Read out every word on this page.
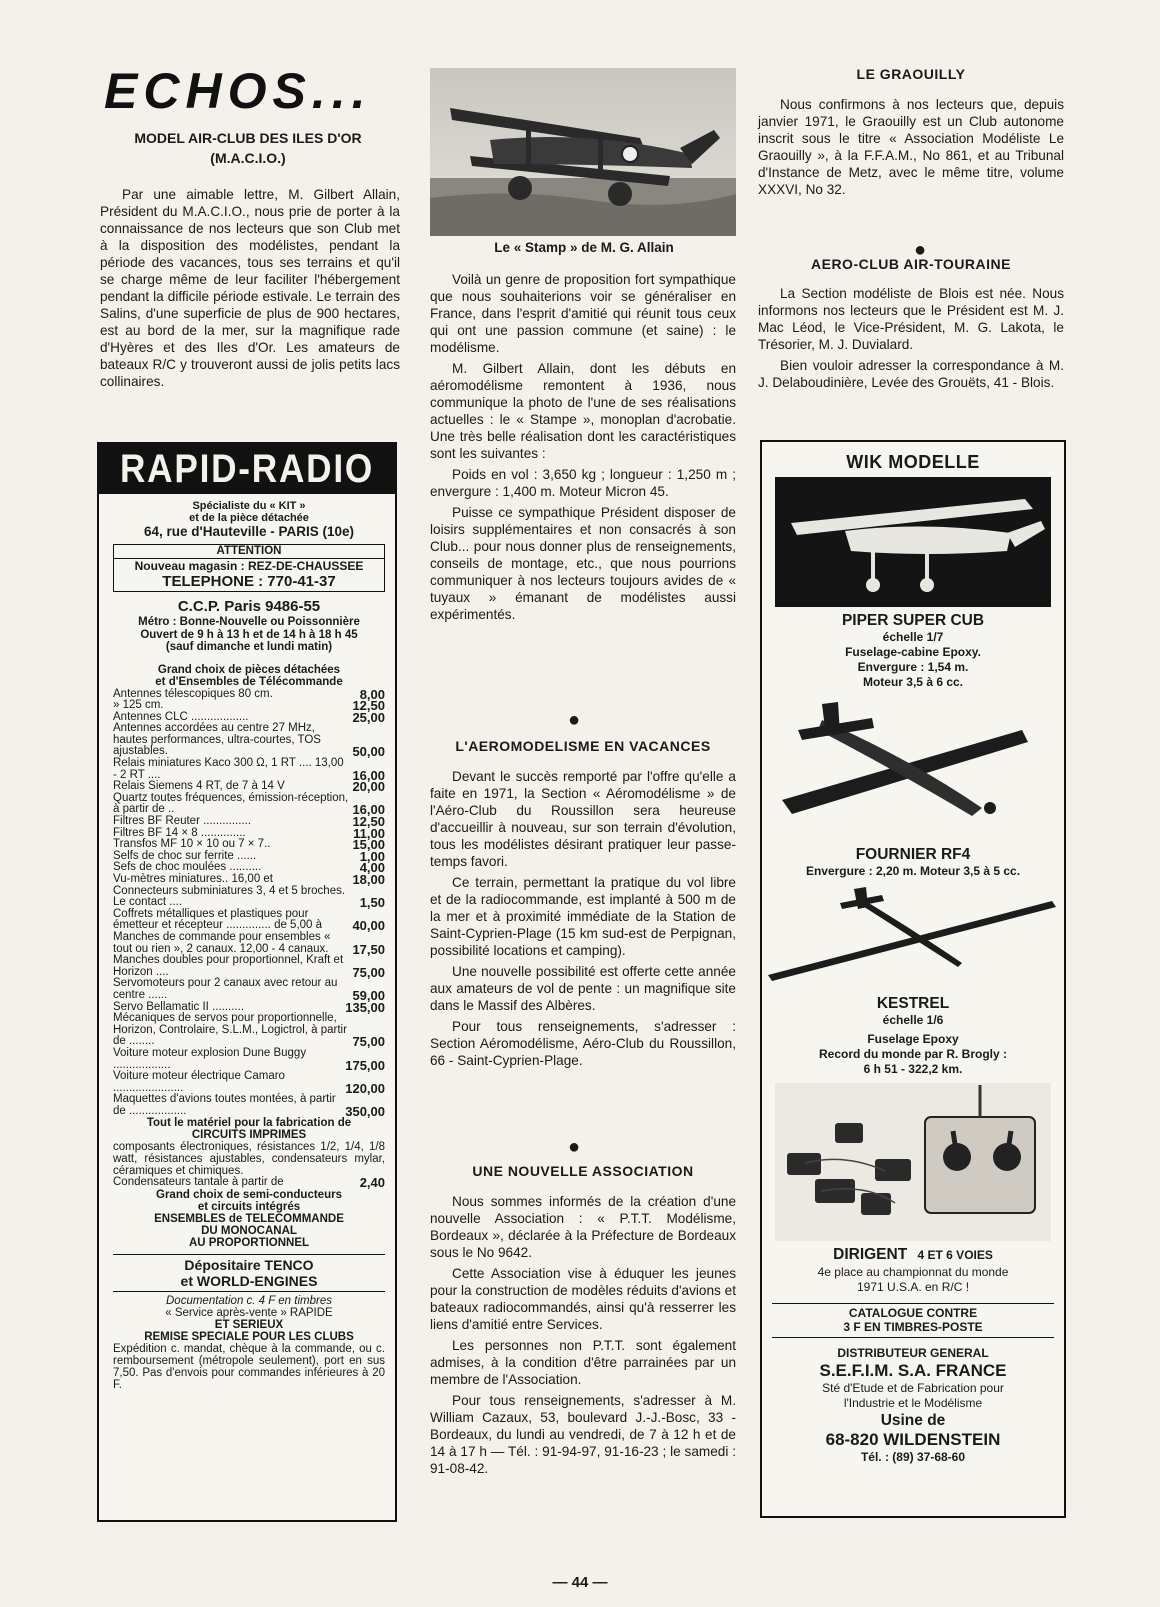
ECHOS...
MODEL AIR-CLUB DES ILES D'OR
(M.A.C.I.O.)

Par une aimable lettre, M. Gilbert Allain, Président du M.A.C.I.O., nous prie de porter à la connaissance de nos lecteurs que son Club met à la disposition des modélistes, pendant la période des vacances, tous ses terrains et qu'il se charge même de leur faciliter l'hébergement pendant la difficile période estivale. Le terrain des Salins, d'une superficie de plus de 900 hectares, est au bord de la mer, sur la magnifique rade d'Hyères et des Iles d'Or. Les amateurs de bateaux R/C y trouveront aussi de jolis petits lacs collinaires.

RAPID-RADIO
Spécialiste du « KIT »
et de la pièce détachée
64, rue d'Hauteville - PARIS (10e)
ATTENTION
Nouveau magasin : REZ-DE-CHAUSSEE
TELEPHONE : 770-41-37
C.C.P. Paris 9486-55
Métro : Bonne-Nouvelle ou Poissonnière
Ouvert de 9 h à 13 h et de 14 h à 18 h 45
(sauf dimanche et lundi matin)
Grand choix de pièces détachées
et d'Ensembles de Télécommande
Antennes télescopiques 80 cm.	8,00
» 125 cm.	12,50
Antennes CLC ..................	25,00
Antennes accordées au centre 27 MHz, hautes performances, ultra-courtes, TOS ajustables.	50,00
Relais miniatures Kaco 300 Ω, 1 RT .... 13,00 - 2 RT ....	16,00
Relais Siemens 4 RT, de 7 à 14 V	20,00
Quartz toutes fréquences, émission-réception, à partir de ..	16,00
Filtres BF Reuter ...............	12,50
Filtres BF 14 × 8 ..............	11,00
Transfos MF 10 × 10 ou 7 × 7..	15,00
Selfs de choc sur ferrite ......	1,00
Sefs de choc moulées ..........	4,00
Vu-mètres miniatures.. 16,00 et	18,00
Connecteurs subminiatures 3, 4 et 5 broches. Le contact ....	1,50
Coffrets métalliques et plastiques pour émetteur et récepteur .............. de 5,00 à	40,00
Manches de commande pour ensembles « tout ou rien », 2 canaux. 12,00 - 4 canaux.	17,50
Manches doubles pour proportionnel, Kraft et Horizon ....	75,00
Servomoteurs pour 2 canaux avec retour au centre ......	59,00
Servo Bellamatic II ..........	135,00
Mécaniques de servos pour proportionnelle, Horizon, Controlaire, S.L.M., Logictrol, à partir de ........	75,00
Voiture moteur explosion Dune Buggy ..................	175,00
Voiture moteur électrique Camaro ......................	120,00
Maquettes d'avions toutes montées, à partir de ..................	350,00
Tout le matériel pour la fabrication de
CIRCUITS IMPRIMES
composants électroniques, résistances 1/2, 1/4, 1/8 watt, résistances ajustables, condensateurs mylar, céramiques et chimiques.
Condensateurs tantale à partir de	2,40
Grand choix de semi-conducteurs
et circuits intégrés
ENSEMBLES de TELECOMMANDE
DU MONOCANAL
AU PROPORTIONNEL
Dépositaire TENCO
et WORLD-ENGINES
Documentation c. 4 F en timbres
« Service après-vente » RAPIDE
ET SERIEUX
REMISE SPECIALE POUR LES CLUBS
Expédition c. mandat, chèque à la commande, ou c. remboursement (métropole seulement), port en sus 7,50. Pas d'envois pour commandes inférieures à 20 F.
Le « Stamp » de M. G. Allain
Voilà un genre de proposition fort sympathique que nous souhaiterions voir se généraliser en France, dans l'esprit d'amitié qui réunit tous ceux qui ont une passion commune (et saine) : le modélisme.
M. Gilbert Allain, dont les débuts en aéromodélisme remontent à 1936, nous communique la photo de l'une de ses réalisations actuelles : le « Stampe », monoplan d'acrobatie. Une très belle réalisation dont les caractéristiques sont les suivantes :
Poids en vol : 3,650 kg ; longueur : 1,250 m ; envergure : 1,400 m. Moteur Micron 45.
Puisse ce sympathique Président disposer de loisirs supplémentaires et non consacrés à son Club... pour nous donner plus de renseignements, conseils de montage, etc., que nous pourrions communiquer à nos lecteurs toujours avides de « tuyaux » émanant de modélistes aussi expérimentés.
●
L'AEROMODELISME EN VACANCES
Devant le succès remporté par l'offre qu'elle a faite en 1971, la Section « Aéromodélisme » de l'Aéro-Club du Roussillon sera heureuse d'accueillir à nouveau, sur son terrain d'évolution, tous les modélistes désirant pratiquer leur passe-temps favori.
Ce terrain, permettant la pratique du vol libre et de la radiocommande, est implanté à 500 m de la mer et à proximité immédiate de la Station de Saint-Cyprien-Plage (15 km sud-est de Perpignan, possibilité locations et camping).
Une nouvelle possibilité est offerte cette année aux amateurs de vol de pente : un magnifique site dans le Massif des Albères.
Pour tous renseignements, s'adresser : Section Aéromodélisme, Aéro-Club du Roussillon, 66 - Saint-Cyprien-Plage.
●
UNE NOUVELLE ASSOCIATION
Nous sommes informés de la création d'une nouvelle Association : « P.T.T. Modélisme, Bordeaux », déclarée à la Préfecture de Bordeaux sous le No 9642.
Cette Association vise à éduquer les jeunes pour la construction de modèles réduits d'avions et bateaux radiocommandés, ainsi qu'à resserrer les liens d'amitié entre Services.
Les personnes non P.T.T. sont également admises, à la condition d'être parrainées par un membre de l'Association.
Pour tous renseignements, s'adresser à M. William Cazaux, 53, boulevard J.-J.-Bosc, 33 - Bordeaux, du lundi au vendredi, de 7 à 12 h et de 14 à 17 h — Tél. : 91-94-97, 91-16-23 ; le samedi : 91-08-42.
LE GRAOUILLY
Nous confirmons à nos lecteurs que, depuis janvier 1971, le Graouilly est un Club autonome inscrit sous le titre « Association Modéliste Le Graouilly », à la F.F.A.M., No 861, et au Tribunal d'Instance de Metz, avec le même titre, volume XXXVI, No 32.
●
AERO-CLUB AIR-TOURAINE
La Section modéliste de Blois est née. Nous informons nos lecteurs que le Président est M. J. Mac Léod, le Vice-Président, M. G. Lakota, le Trésorier, M. J. Duvialard.
Bien vouloir adresser la correspondance à M. J. Delaboudinière, Levée des Grouëts, 41 - Blois.
WIK MODELLE
PIPER SUPER CUB
échelle 1/7
Fuselage-cabine Epoxy.
Envergure : 1,54 m.
Moteur 3,5 à 6 cc.
FOURNIER RF4
Envergure : 2,20 m. Moteur 3,5 à 5 cc.
KESTREL
échelle 1/6
Fuselage Epoxy
Record du monde par R. Brogly :
6 h 51 - 322,2 km.
DIRIGENT 4 ET 6 VOIES
4e place au championnat du monde
1971 U.S.A. en R/C !
CATALOGUE CONTRE
3 F EN TIMBRES-POSTE
DISTRIBUTEUR GENERAL
S.E.F.I.M. S.A. FRANCE
Sté d'Etude et de Fabrication pour
l'Industrie et le Modélisme
Usine de
68-820 WILDENSTEIN
Tél. : (89) 37-68-60
— 44 —
